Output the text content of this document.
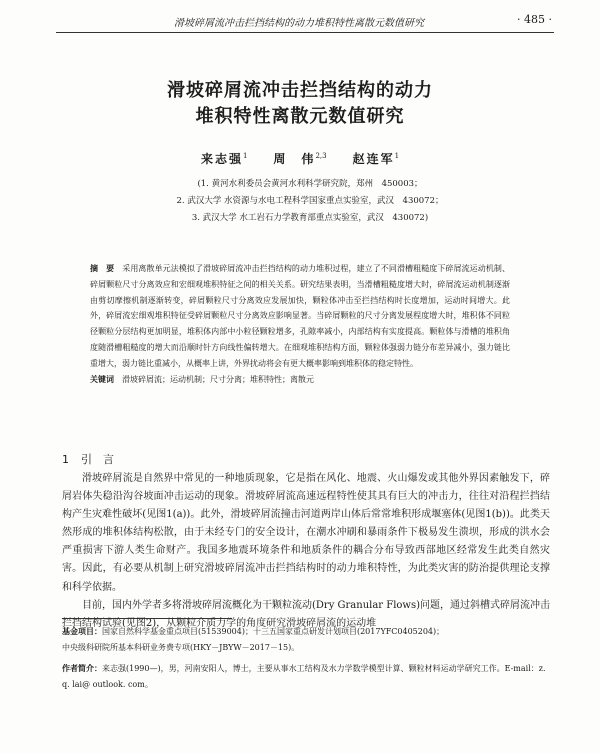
滑坡碎屑流冲击拦挡结构的动力堆积特性离散元数值研究	· 485 ·
滑坡碎屑流冲击拦挡结构的动力
堆积特性离散元数值研究
来志强$^1$ 周　伟$^{2,3}$ 赵连军$^1$
(1. 黄河水利委员会黄河水利科学研究院，郑州　450003；
2. 武汉大学 水资源与水电工程科学国家重点实验室，武汉　430072；
3. 武汉大学 水工岩石力学教育部重点实验室，武汉　430072)
摘　要 采用离散单元法模拟了滑坡碎屑流冲击拦挡结构的动力堆积过程，建立了不同滑槽粗糙度下碎屑流运动机制、碎屑颗粒尺寸分离效应和宏细观堆积特征之间的相关关系。研究结果表明，当滑槽粗糙度增大时，碎屑流运动机制逐渐由剪切摩擦机制逐渐转变，碎屑颗粒尺寸分离效应发展加快，颗粒体冲击至拦挡结构时长度增加，运动时间增大。此外，碎屑流宏细观堆积特征受碎屑颗粒尺寸分离效应影响显著。当碎屑颗粒的尺寸分离发展程度增大时，堆积体不同粒径颗粒分层结构更加明显，堆积体内部中小粒径颗粒增多，孔隙率减小，内部结构有实度提高。颗粒体与滑槽的堆积角度随滑槽粗糙度的增大而沿顺时针方向线性偏转增大。在细观堆积结构方面，颗粒体强弱力链分布差异减小，强力链比重增大，弱力链比重减小，从概率上讲，外界扰动将会有更大概率影响到堆积体的稳定特性。
关键词 滑坡碎屑流；运动机制；尺寸分离；堆积特性；离散元
1 引　言

滑坡碎屑流是自然界中常见的一种地质现象，它是指在风化、地震、火山爆发或其他外界因素触发下，碎屑岩体失稳沿沟谷坡面冲击运动的现象。滑坡碎屑流高速远程特性使其具有巨大的冲击力，往往对沿程拦挡结构产生灾难性破坏(见图1(a))。此外，滑坡碎屑流撞击河道两岸山体后常常堆积形成堰塞体(见图1(b))。此类天然形成的堆积体结构松散，由于未经专门的安全设计，在潮水冲刷和暴雨条件下极易发生溃坝，形成的洪水会严重损害下游人类生命财产。我国多地震环境条件和地质条件的耦合分布导致西部地区经常发生此类自然灾害。因此，有必要从机制上研究滑坡碎屑流冲击拦挡结构时的动力堆积特性，为此类灾害的防治提供理论支撑和科学依据。

目前，国内外学者多将滑坡碎屑流概化为干颗粒流动(Dry Granular Flows)问题，通过斜槽式碎屑流冲击拦挡结构试验(见图2)，从颗粒介质力学的角度研究滑坡碎屑流的运动堆

基金项目：国家自然科学基金重点项目(51539004)；十三五国家重点研发计划项目(2017YFC0405204)；

中央级科研院所基本科研业务费专项(HKY－JBYW－2017－15)。

作者简介：来志强(1990—)，男，河南安阳人，博士，主要从事水工结构及水力学数学模型计算、颗粒材料运动学研究工作。E-mail：z. q. lai@ outlook. com。
